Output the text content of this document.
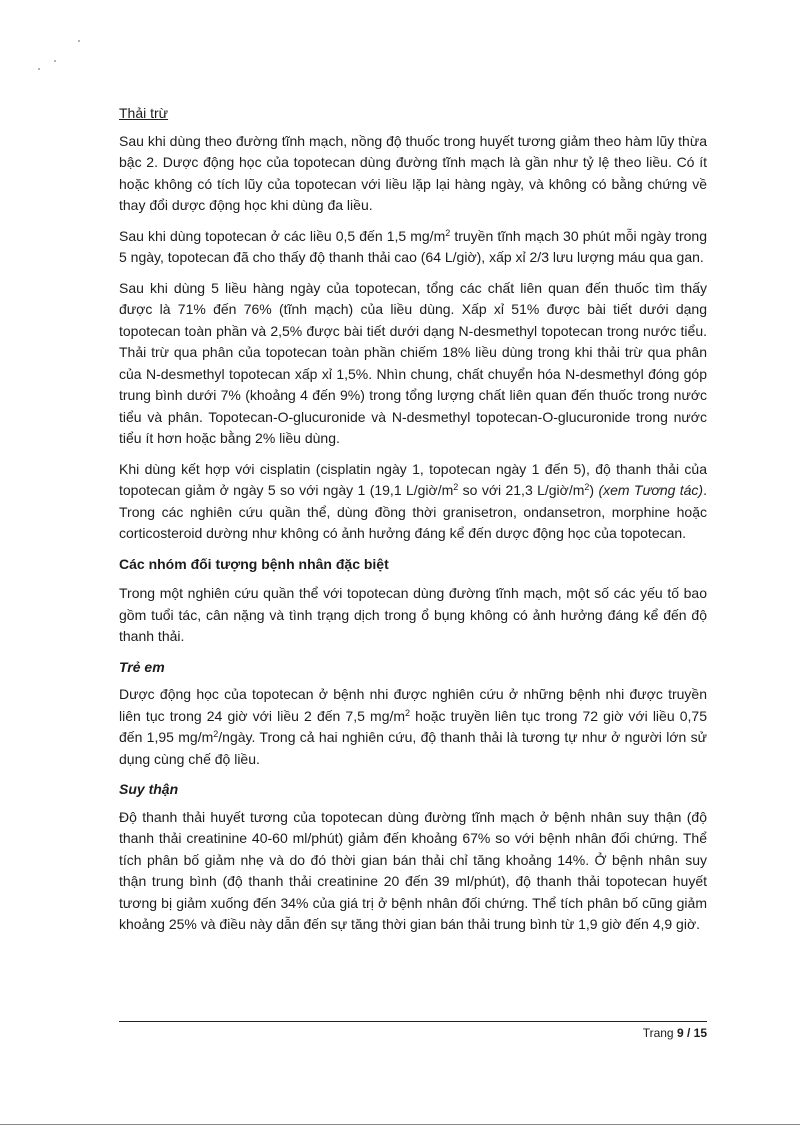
Thải trừ

Sau khi dùng theo đường tĩnh mạch, nồng độ thuốc trong huyết tương giảm theo hàm lũy thừa bậc 2. Dược động học của topotecan dùng đường tĩnh mạch là gần như tỷ lệ theo liều. Có ít hoặc không có tích lũy của topotecan với liều lặp lại hàng ngày, và không có bằng chứng về thay đổi dược động học khi dùng đa liều.

Sau khi dùng topotecan ở các liều 0,5 đến 1,5 $mg/m^2$ truyền tĩnh mạch 30 phút mỗi ngày trong 5 ngày, topotecan đã cho thấy độ thanh thải cao (64 L/giờ), xấp xỉ 2/3 lưu lượng máu qua gan.

Sau khi dùng 5 liều hàng ngày của topotecan, tổng các chất liên quan đến thuốc tìm thấy được là 71% đến 76% (tĩnh mạch) của liều dùng. Xấp xỉ 51% được bài tiết dưới dạng topotecan toàn phần và 2,5% được bài tiết dưới dạng N-desmethyl topotecan trong nước tiểu. Thải trừ qua phân của topotecan toàn phần chiếm 18% liều dùng trong khi thải trừ qua phân của N-desmethyl topotecan xấp xỉ 1,5%. Nhìn chung, chất chuyển hóa N-desmethyl đóng góp trung bình dưới 7% (khoảng 4 đến 9%) trong tổng lượng chất liên quan đến thuốc trong nước tiểu và phân. Topotecan-O-glucuronide và N-desmethyl topotecan-O-glucuronide trong nước tiểu ít hơn hoặc bằng 2% liều dùng.

Khi dùng kết hợp với cisplatin (cisplatin ngày 1, topotecan ngày 1 đến 5), độ thanh thải của topotecan giảm ở ngày 5 so với ngày 1 (19,1 $L/giờ/m^2$ so với 21,3 $L/giờ/m^2$) (xem Tương tác). Trong các nghiên cứu quần thể, dùng đồng thời granisetron, ondansetron, morphine hoặc corticosteroid dường như không có ảnh hưởng đáng kể đến dược động học của topotecan.

Các nhóm đối tượng bệnh nhân đặc biệt

Trong một nghiên cứu quần thể với topotecan dùng đường tĩnh mạch, một số các yếu tố bao gồm tuổi tác, cân nặng và tình trạng dịch trong ổ bụng không có ảnh hưởng đáng kể đến độ thanh thải.

Trẻ em

Dược động học của topotecan ở bệnh nhi được nghiên cứu ở những bệnh nhi được truyền liên tục trong 24 giờ với liều 2 đến 7,5 $mg/m^2$ hoặc truyền liên tục trong 72 giờ với liều 0,75 đến 1,95 $mg/m^2$/ngày. Trong cả hai nghiên cứu, độ thanh thải là tương tự như ở người lớn sử dụng cùng chế độ liều.

Suy thận

Độ thanh thải huyết tương của topotecan dùng đường tĩnh mạch ở bệnh nhân suy thận (độ thanh thải creatinine 40-60 ml/phút) giảm đến khoảng 67% so với bệnh nhân đối chứng. Thể tích phân bố giảm nhẹ và do đó thời gian bán thải chỉ tăng khoảng 14%. Ở bệnh nhân suy thận trung bình (độ thanh thải creatinine 20 đến 39 ml/phút), độ thanh thải topotecan huyết tương bị giảm xuống đến 34% của giá trị ở bệnh nhân đối chứng. Thể tích phân bố cũng giảm khoảng 25% và điều này dẫn đến sự tăng thời gian bán thải trung bình từ 1,9 giờ đến 4,9 giờ.

Trang 9 / 15
